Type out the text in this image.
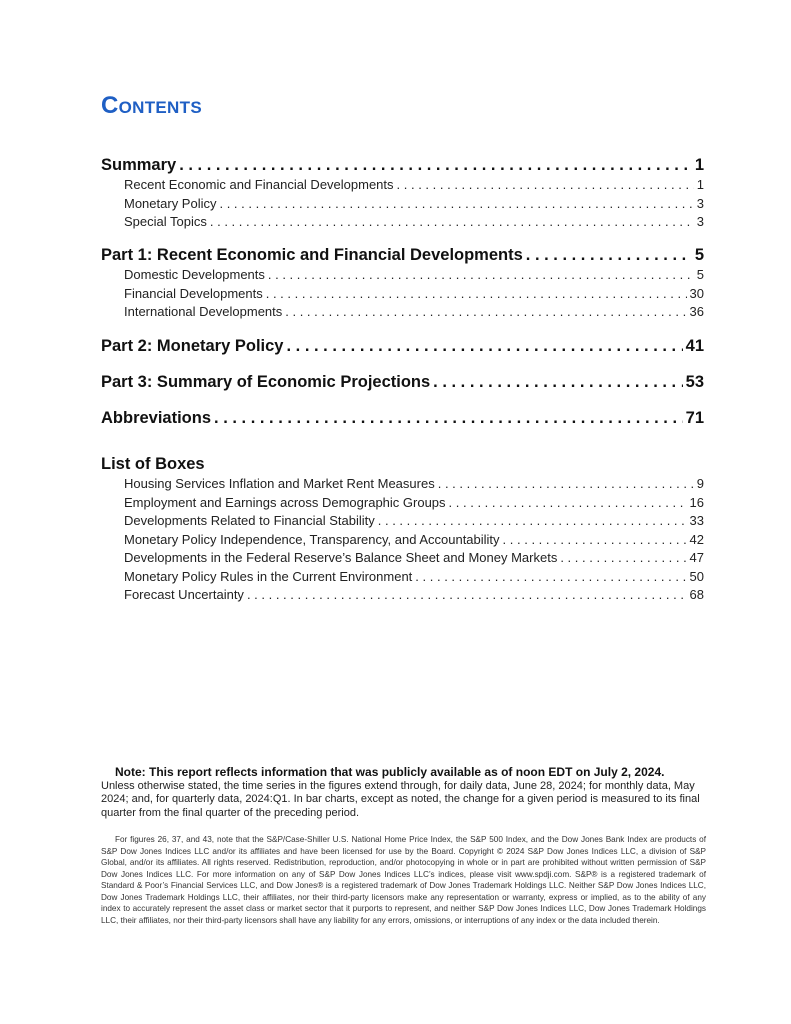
Contents
Summary . . .	1
Recent Economic and Financial Developments . . .	1
Monetary Policy . . .	3
Special Topics . . .	3
Part 1: Recent Economic and Financial Developments . . .	5
Domestic Developments . . .	5
Financial Developments . . .	30
International Developments . . .	36
Part 2: Monetary Policy . . .	41
Part 3: Summary of Economic Projections . . .	53
Abbreviations . . .	71
List of Boxes
Housing Services Inflation and Market Rent Measures . . .	9
Employment and Earnings across Demographic Groups . . .	16
Developments Related to Financial Stability . . .	33
Monetary Policy Independence, Transparency, and Accountability . . .	42
Developments in the Federal Reserve’s Balance Sheet and Money Markets . . .	47
Monetary Policy Rules in the Current Environment . . .	50
Forecast Uncertainty . . .	68
Note: This report reflects information that was publicly available as of noon EDT on July 2, 2024.
Unless otherwise stated, the time series in the figures extend through, for daily data, June 28, 2024; for monthly data, May 2024; and, for quarterly data, 2024:Q1. In bar charts, except as noted, the change for a given period is measured to its final quarter from the final quarter of the preceding period.
For figures 26, 37, and 43, note that the S&P/Case-Shiller U.S. National Home Price Index, the S&P 500 Index, and the Dow Jones Bank Index are products of S&P Dow Jones Indices LLC and/or its affiliates and have been licensed for use by the Board. Copyright © 2024 S&P Dow Jones Indices LLC, a division of S&P Global, and/or its affiliates. All rights reserved. Redistribution, reproduction, and/or photocopying in whole or in part are prohibited without written permission of S&P Dow Jones Indices LLC. For more information on any of S&P Dow Jones Indices LLC’s indices, please visit www.spdji.com. S&P® is a registered trademark of Standard & Poor’s Financial Services LLC, and Dow Jones® is a registered trademark of Dow Jones Trademark Holdings LLC. Neither S&P Dow Jones Indices LLC, Dow Jones Trademark Holdings LLC, their affiliates, nor their third-party licensors make any representation or warranty, express or implied, as to the ability of any index to accurately represent the asset class or market sector that it purports to represent, and neither S&P Dow Jones Indices LLC, Dow Jones Trademark Holdings LLC, their affiliates, nor their third-party licensors shall have any liability for any errors, omissions, or interruptions of any index or the data included therein.
